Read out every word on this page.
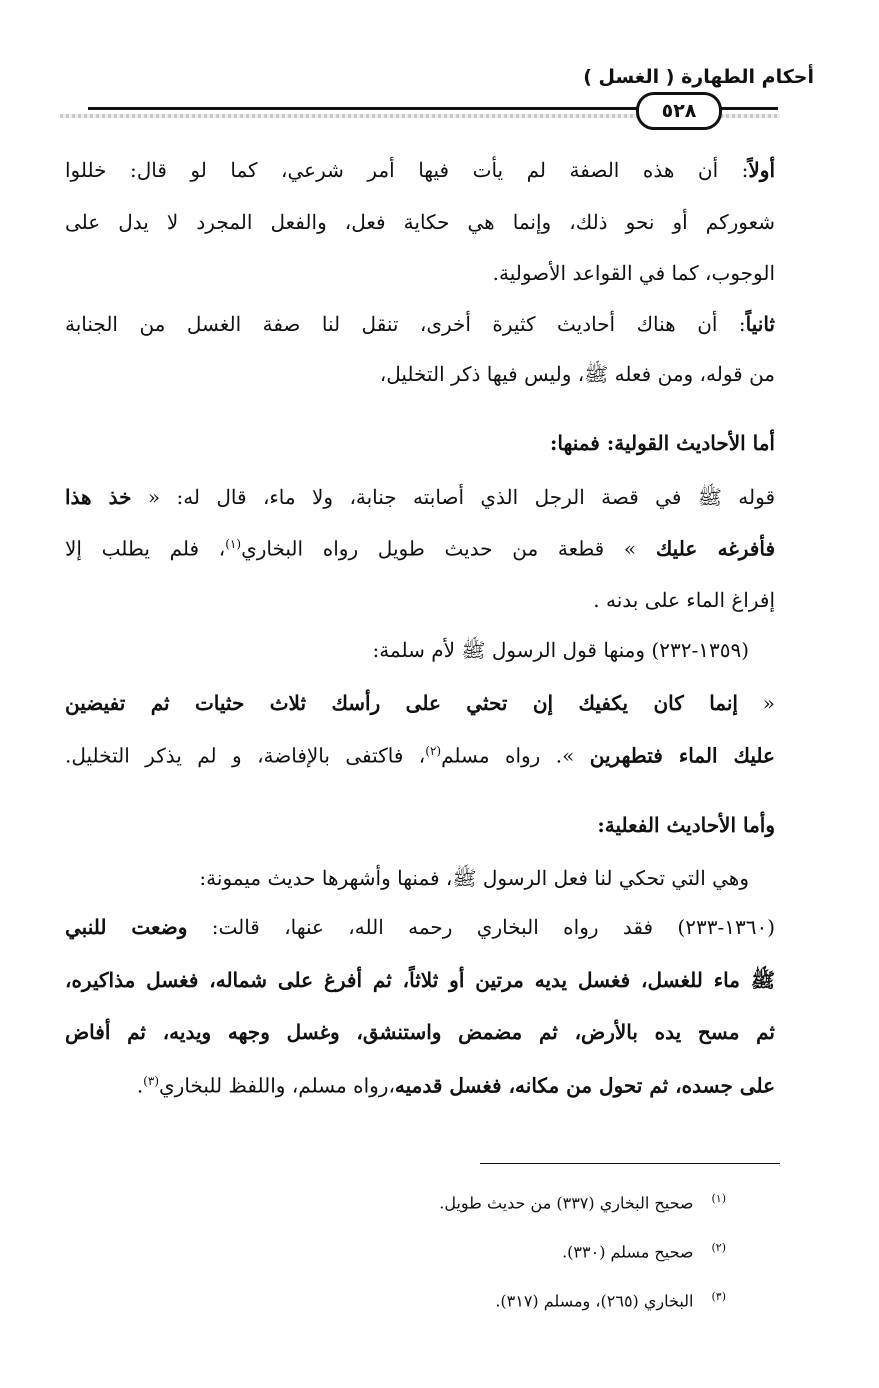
أحكام الطهارة ( الغسل )
٥٢٨
أولاً: أن هذه الصفة لم يأت فيها أمر شرعي، كما لو قال: خللوا
شعوركم أو نحو ذلك، وإنما هي حكاية فعل، والفعل المجرد لا يدل على
الوجوب، كما في القواعد الأصولية.
ثانياً: أن هناك أحاديث كثيرة أخرى، تنقل لنا صفة الغسل من الجنابة
من قوله، ومن فعله ﷺ، وليس فيها ذكر التخليل،
أما الأحاديث القولية: فمنها:
قوله ﷺ في قصة الرجل الذي أصابته جنابة، ولا ماء، قال له: « خذ هذا
فأفرغه عليك » قطعة من حديث طويل رواه البخاري$^{(١)}$، فلم يطلب إلا
إفراغ الماء على بدنه .
(١٣٥٩-٢٣٢) ومنها قول الرسول ﷺ لأم سلمة:
« إنما كان يكفيك إن تحثي على رأسك ثلاث حثيات ثم تفيضين
عليك الماء فتطهرين ». رواه مسلم$^{(٢)}$، فاكتفى بالإفاضة، و لم يذكر التخليل.
وأما الأحاديث الفعلية:
وهي التي تحكي لنا فعل الرسول ﷺ، فمنها وأشهرها حديث ميمونة:
(١٣٦٠-٢٣٣) فقد رواه البخاري رحمه الله، عنها، قالت: وضعت للنبي
ﷺ ماء للغسل، فغسل يديه مرتين أو ثلاثاً، ثم أفرغ على شماله، فغسل مذاكيره،
ثم مسح يده بالأرض، ثم مضمض واستنشق، وغسل وجهه ويديه، ثم أفاض
على جسده، ثم تحول من مكانه، فغسل قدميه،رواه مسلم، واللفظ للبخاري$^{(٣)}$.
$^{(١)}$صحيح البخاري (٣٣٧) من حديث طويل.
$^{(٢)}$صحيح مسلم (٣٣٠).
$^{(٣)}$البخاري (٢٦٥)، ومسلم (٣١٧).
